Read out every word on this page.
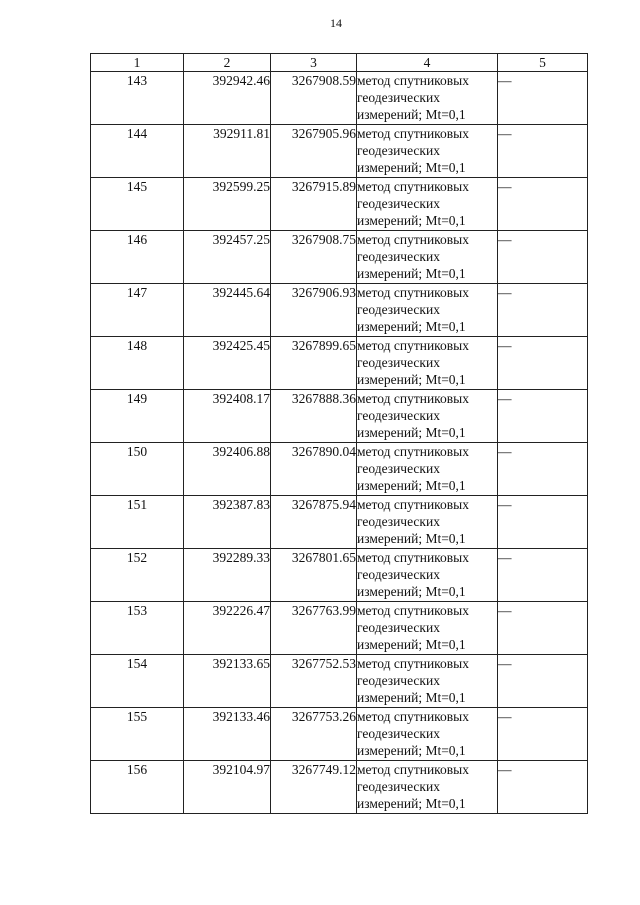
14
1	2	3	4	5
143	392942.46	3267908.59	метод спутниковых
геодезических
измерений; Mt=0,1	—
144	392911.81	3267905.96	метод спутниковых
геодезических
измерений; Mt=0,1	—
145	392599.25	3267915.89	метод спутниковых
геодезических
измерений; Mt=0,1	—
146	392457.25	3267908.75	метод спутниковых
геодезических
измерений; Mt=0,1	—
147	392445.64	3267906.93	метод спутниковых
геодезических
измерений; Mt=0,1	—
148	392425.45	3267899.65	метод спутниковых
геодезических
измерений; Mt=0,1	—
149	392408.17	3267888.36	метод спутниковых
геодезических
измерений; Mt=0,1	—
150	392406.88	3267890.04	метод спутниковых
геодезических
измерений; Mt=0,1	—
151	392387.83	3267875.94	метод спутниковых
геодезических
измерений; Mt=0,1	—
152	392289.33	3267801.65	метод спутниковых
геодезических
измерений; Mt=0,1	—
153	392226.47	3267763.99	метод спутниковых
геодезических
измерений; Mt=0,1	—
154	392133.65	3267752.53	метод спутниковых
геодезических
измерений; Mt=0,1	—
155	392133.46	3267753.26	метод спутниковых
геодезических
измерений; Mt=0,1	—
156	392104.97	3267749.12	метод спутниковых
геодезических
измерений; Mt=0,1	—
